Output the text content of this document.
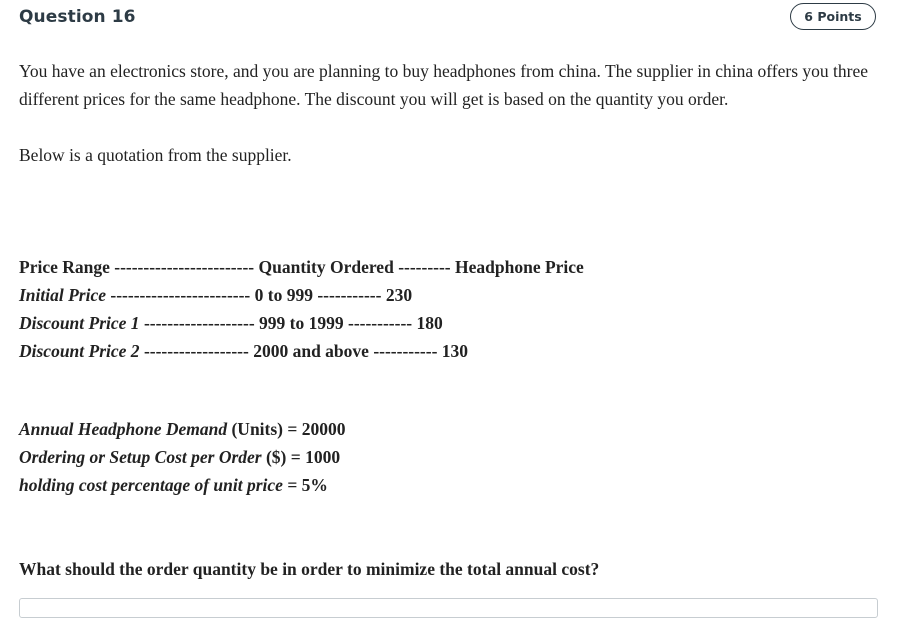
Question 16	6 Points

You have an electronics store, and you are planning to buy headphones from china. The supplier in china offers you three different prices for the same headphone. The discount you will get is based on the quantity you order.

Below is a quotation from the supplier.

Price Range ------------------------ Quantity Ordered --------- Headphone Price
Initial Price ------------------------ 0 to 999 ----------- 230
Discount Price 1 ------------------- 999 to 1999 ----------- 180
Discount Price 2 ------------------ 2000 and above ----------- 130
Annual Headphone Demand (Units) = 20000
Ordering or Setup Cost per Order ($) = 1000
holding cost percentage of unit price = 5%
What should the order quantity be in order to minimize the total annual cost?
